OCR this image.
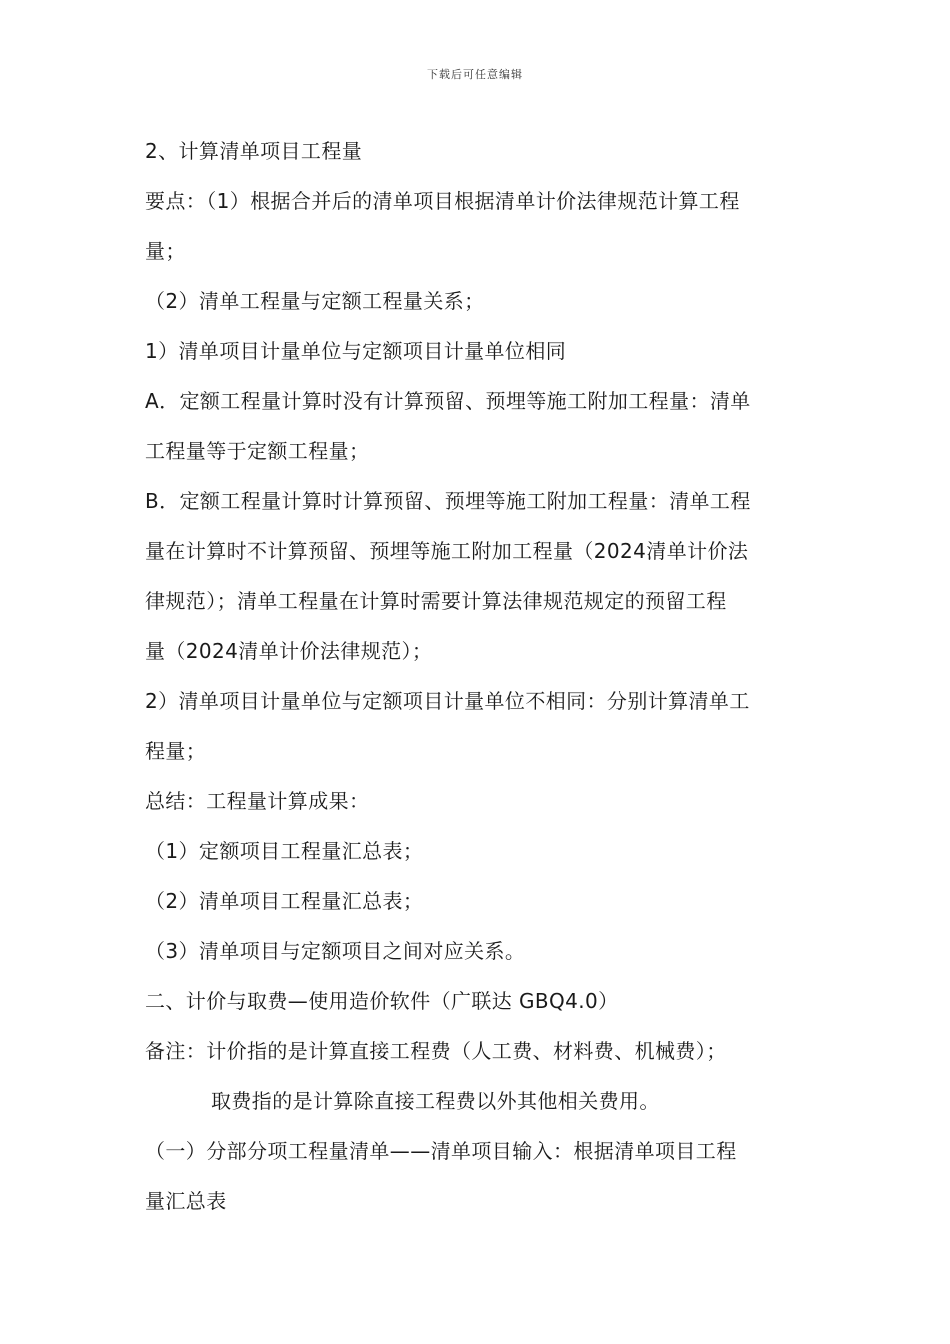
下载后可任意编辑
2、计算清单项目工程量
要点：（1）根据合并后的清单项目根据清单计价法律规范计算工程
量；
（2）清单工程量与定额工程量关系；
1）清单项目计量单位与定额项目计量单位相同
A．定额工程量计算时没有计算预留、预埋等施工附加工程量：清单
工程量等于定额工程量；
B．定额工程量计算时计算预留、预埋等施工附加工程量：清单工程
量在计算时不计算预留、预埋等施工附加工程量（2024清单计价法
律规范）；清单工程量在计算时需要计算法律规范规定的预留工程
量（2024清单计价法律规范）；
2）清单项目计量单位与定额项目计量单位不相同：分别计算清单工
程量；
总结：工程量计算成果：
（1）定额项目工程量汇总表；
（2）清单项目工程量汇总表；
（3）清单项目与定额项目之间对应关系。
二、计价与取费—使用造价软件（广联达 GBQ4.0）
备注：计价指的是计算直接工程费（人工费、材料费、机械费）；
取费指的是计算除直接工程费以外其他相关费用。
（一）分部分项工程量清单——清单项目输入：根据清单项目工程
量汇总表
